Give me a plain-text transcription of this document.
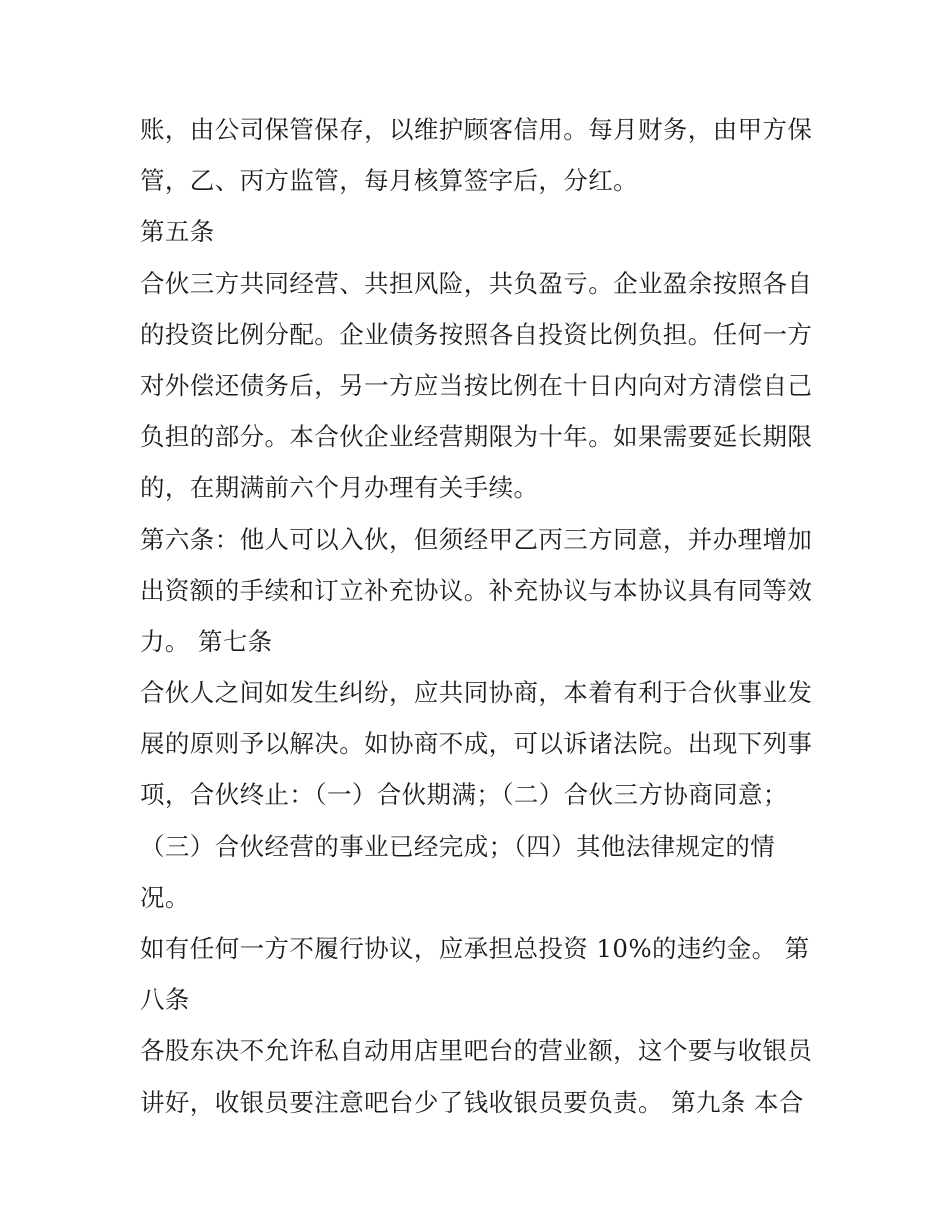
账，由公司保管保存，以维护顾客信用。每月财务，由甲方保
管，乙、丙方监管，每月核算签字后，分红。
第五条
合伙三方共同经营、共担风险，共负盈亏。企业盈余按照各自
的投资比例分配。企业债务按照各自投资比例负担。任何一方
对外偿还债务后，另一方应当按比例在十日内向对方清偿自己
负担的部分。本合伙企业经营期限为十年。如果需要延长期限
的，在期满前六个月办理有关手续。
第六条：他人可以入伙，但须经甲乙丙三方同意，并办理增加
出资额的手续和订立补充协议。补充协议与本协议具有同等效
力。 第七条
合伙人之间如发生纠纷，应共同协商，本着有利于合伙事业发
展的原则予以解决。如协商不成，可以诉诸法院。出现下列事
项，合伙终止：（一）合伙期满；（二）合伙三方协商同意；
（三）合伙经营的事业已经完成；（四）其他法律规定的情
况。
如有任何一方不履行协议，应承担总投资 10%的违约金。 第
八条
各股东决不允许私自动用店里吧台的营业额，这个要与收银员
讲好，收银员要注意吧台少了钱收银员要负责。 第九条 本合
